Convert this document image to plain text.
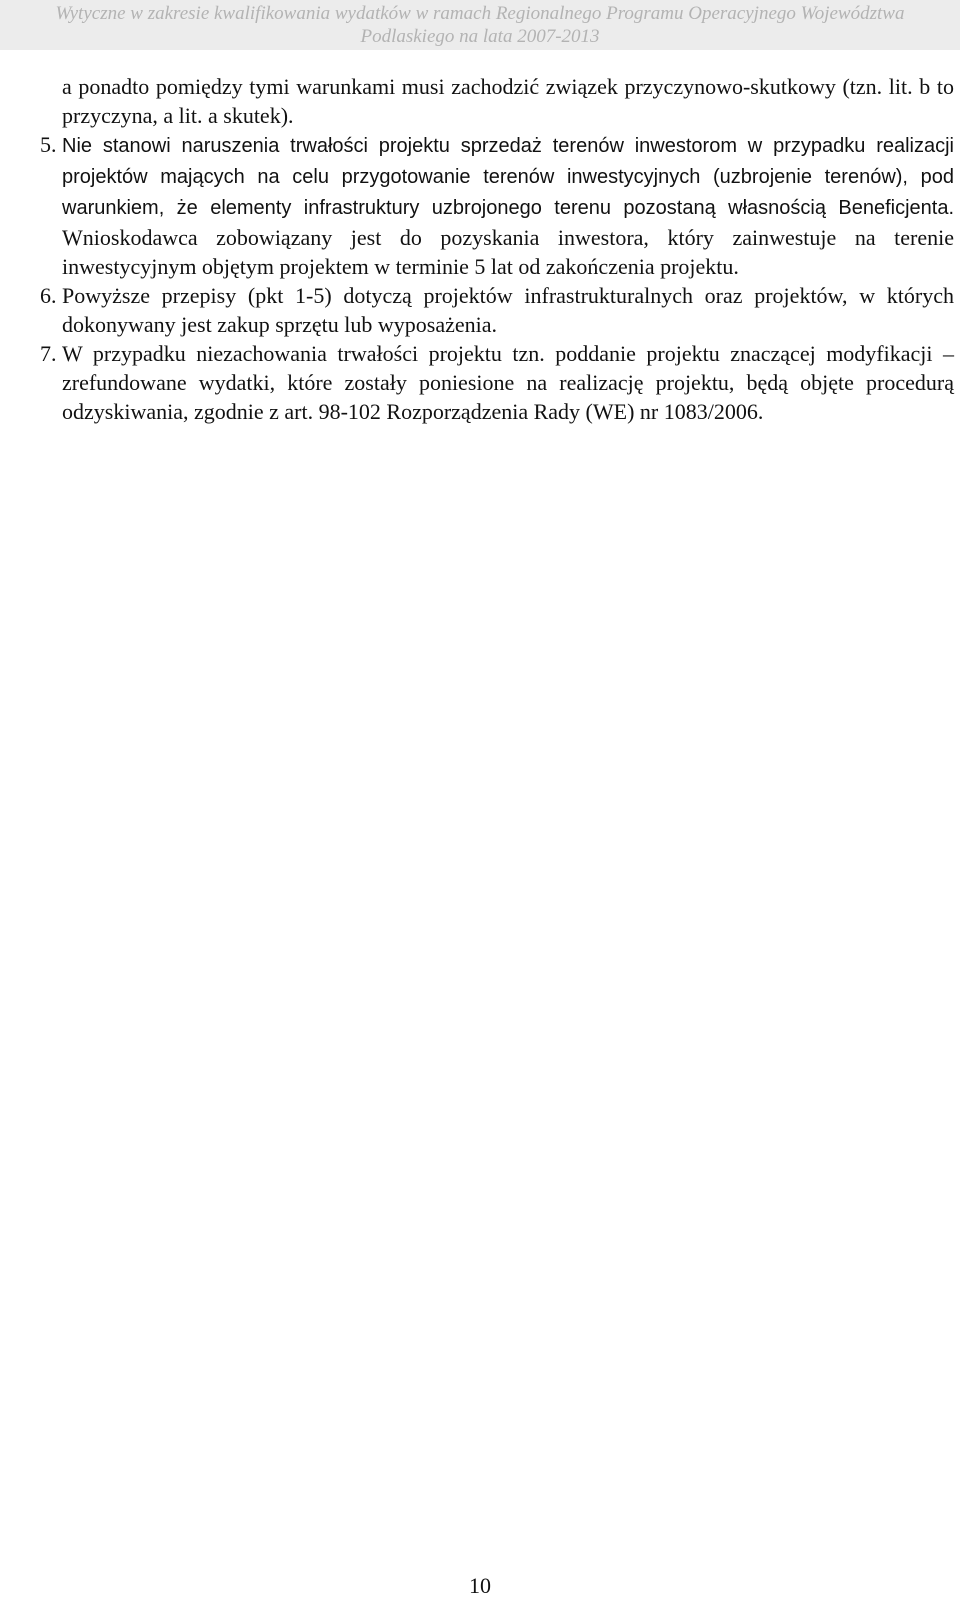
Wytyczne w zakresie kwalifikowania wydatków w ramach Regionalnego Programu Operacyjnego Województwa
Podlaskiego na lata 2007-2013

a ponadto pomiędzy tymi warunkami musi zachodzić związek przyczynowo-skutkowy (tzn. lit. b to przyczyna, a lit. a skutek).

5. Nie stanowi naruszenia trwałości projektu sprzedaż terenów inwestorom w przypadku realizacji projektów mających na celu przygotowanie terenów inwestycyjnych (uzbrojenie terenów), pod warunkiem, że elementy infrastruktury uzbrojonego terenu pozostaną własnością Beneficjenta. Wnioskodawca zobowiązany jest do pozyskania inwestora, który zainwestuje na terenie inwestycyjnym objętym projektem w terminie 5 lat od zakończenia projektu.
6. Powyższe przepisy (pkt 1-5) dotyczą projektów infrastrukturalnych oraz projektów, w których dokonywany jest zakup sprzętu lub wyposażenia.
7. W przypadku niezachowania trwałości projektu tzn. poddanie projektu znaczącej modyfikacji – zrefundowane wydatki, które zostały poniesione na realizację projektu, będą objęte procedurą odzyskiwania, zgodnie z art. 98-102 Rozporządzenia Rady (WE) nr 1083/2006.
10
